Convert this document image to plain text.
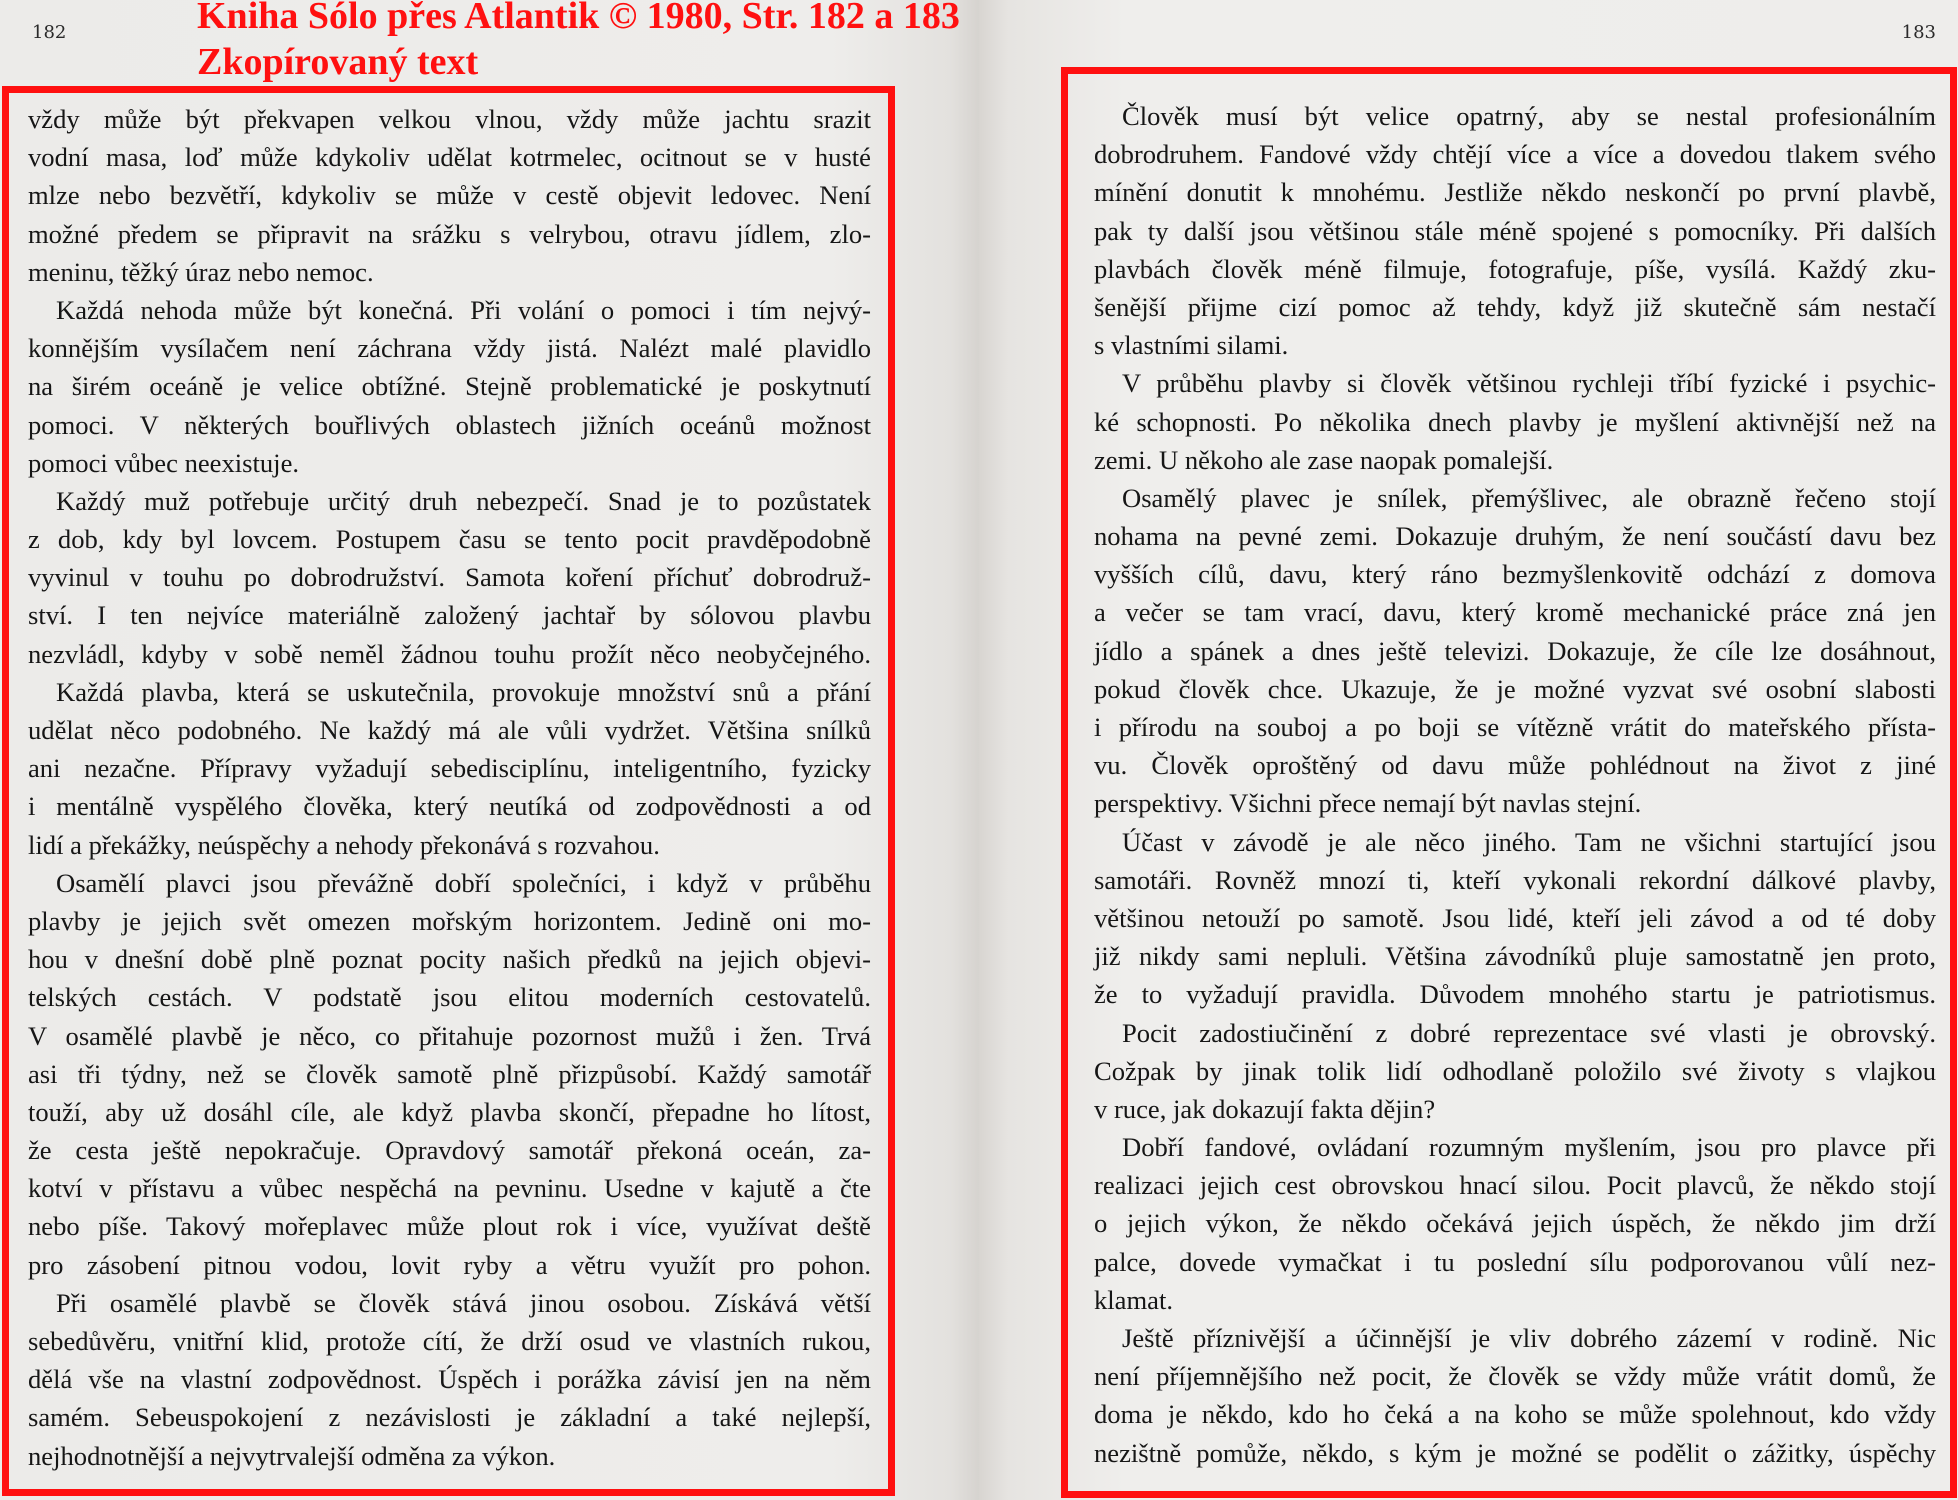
182	183
vždy může být překvapen velkou vlnou, vždy může jachtu srazit
vodní masa, loď může kdykoliv udělat kotrmelec, ocitnout se v husté
mlze nebo bezvětří, kdykoliv se může v cestě objevit ledovec. Není
možné předem se připravit na srážku s velrybou, otravu jídlem, zlo-
meninu, těžký úraz nebo nemoc.
Každá nehoda může být konečná. Při volání o pomoci i tím nejvý-
konnějším vysílačem není záchrana vždy jistá. Nalézt malé plavidlo
na širém oceáně je velice obtížné. Stejně problematické je poskytnutí
pomoci. V některých bouřlivých oblastech jižních oceánů možnost
pomoci vůbec neexistuje.
Každý muž potřebuje určitý druh nebezpečí. Snad je to pozůstatek
z dob, kdy byl lovcem. Postupem času se tento pocit pravděpodobně
vyvinul v touhu po dobrodružství. Samota koření příchuť dobrodruž-
ství. I ten nejvíce materiálně založený jachtař by sólovou plavbu
nezvládl, kdyby v sobě neměl žádnou touhu prožít něco neobyčejného.
Každá plavba, která se uskutečnila, provokuje množství snů a přání
udělat něco podobného. Ne každý má ale vůli vydržet. Většina snílků
ani nezačne. Přípravy vyžadují sebedisciplínu, inteligentního, fyzicky
i mentálně vyspělého člověka, který neutíká od zodpovědnosti a od
lidí a překážky, neúspěchy a nehody překonává s rozvahou.
Osamělí plavci jsou převážně dobří společníci, i když v průběhu
plavby je jejich svět omezen mořským horizontem. Jedině oni mo-
hou v dnešní době plně poznat pocity našich předků na jejich objevi-
telských cestách. V podstatě jsou elitou moderních cestovatelů.
V osamělé plavbě je něco, co přitahuje pozornost mužů i žen. Trvá
asi tři týdny, než se člověk samotě plně přizpůsobí. Každý samotář
touží, aby už dosáhl cíle, ale když plavba skončí, přepadne ho lítost,
že cesta ještě nepokračuje. Opravdový samotář překoná oceán, za-
kotví v přístavu a vůbec nespěchá na pevninu. Usedne v kajutě a čte
nebo píše. Takový mořeplavec může plout rok i více, využívat deště
pro zásobení pitnou vodou, lovit ryby a větru využít pro pohon.
Při osamělé plavbě se člověk stává jinou osobou. Získává větší
sebedůvěru, vnitřní klid, protože cítí, že drží osud ve vlastních rukou,
dělá vše na vlastní zodpovědnost. Úspěch i porážka závisí jen na něm
samém. Sebeuspokojení z nezávislosti je základní a také nejlepší,
nejhodnotnější a nejvytrvalejší odměna za výkon.
Člověk musí být velice opatrný, aby se nestal profesionálním
dobrodruhem. Fandové vždy chtějí více a více a dovedou tlakem svého
mínění donutit k mnohému. Jestliže někdo neskončí po první plavbě,
pak ty další jsou většinou stále méně spojené s pomocníky. Při dalších
plavbách člověk méně filmuje, fotografuje, píše, vysílá. Každý zku-
šenější přijme cizí pomoc až tehdy, když již skutečně sám nestačí
s vlastními silami.
V průběhu plavby si člověk většinou rychleji tříbí fyzické i psychic-
ké schopnosti. Po několika dnech plavby je myšlení aktivnější než na
zemi. U někoho ale zase naopak pomalejší.
Osamělý plavec je snílek, přemýšlivec, ale obrazně řečeno stojí
nohama na pevné zemi. Dokazuje druhým, že není součástí davu bez
vyšších cílů, davu, který ráno bezmyšlenkovitě odchází z domova
a večer se tam vrací, davu, který kromě mechanické práce zná jen
jídlo a spánek a dnes ještě televizi. Dokazuje, že cíle lze dosáhnout,
pokud člověk chce. Ukazuje, že je možné vyzvat své osobní slabosti
i přírodu na souboj a po boji se vítězně vrátit do mateřského přísta-
vu. Člověk oproštěný od davu může pohlédnout na život z jiné
perspektivy. Všichni přece nemají být navlas stejní.
Účast v závodě je ale něco jiného. Tam ne všichni startující jsou
samotáři. Rovněž mnozí ti, kteří vykonali rekordní dálkové plavby,
většinou netouží po samotě. Jsou lidé, kteří jeli závod a od té doby
již nikdy sami nepluli. Většina závodníků pluje samostatně jen proto,
že to vyžadují pravidla. Důvodem mnohého startu je patriotismus.
Pocit zadostiučinění z dobré reprezentace své vlasti je obrovský.
Cožpak by jinak tolik lidí odhodlaně položilo své životy s vlajkou
v ruce, jak dokazují fakta dějin?
Dobří fandové, ovládaní rozumným myšlením, jsou pro plavce při
realizaci jejich cest obrovskou hnací silou. Pocit plavců, že někdo stojí
o jejich výkon, že někdo očekává jejich úspěch, že někdo jim drží
palce, dovede vymačkat i tu poslední sílu podporovanou vůlí nez-
klamat.
Ještě příznivější a účinnější je vliv dobrého zázemí v rodině. Nic
není příjemnějšího než pocit, že člověk se vždy může vrátit domů, že
doma je někdo, kdo ho čeká a na koho se může spolehnout, kdo vždy
nezištně pomůže, někdo, s kým je možné se podělit o zážitky, úspěchy
Kniha Sólo přes Atlantik © 1980, Str. 182 a 183
Zkopírovaný text
